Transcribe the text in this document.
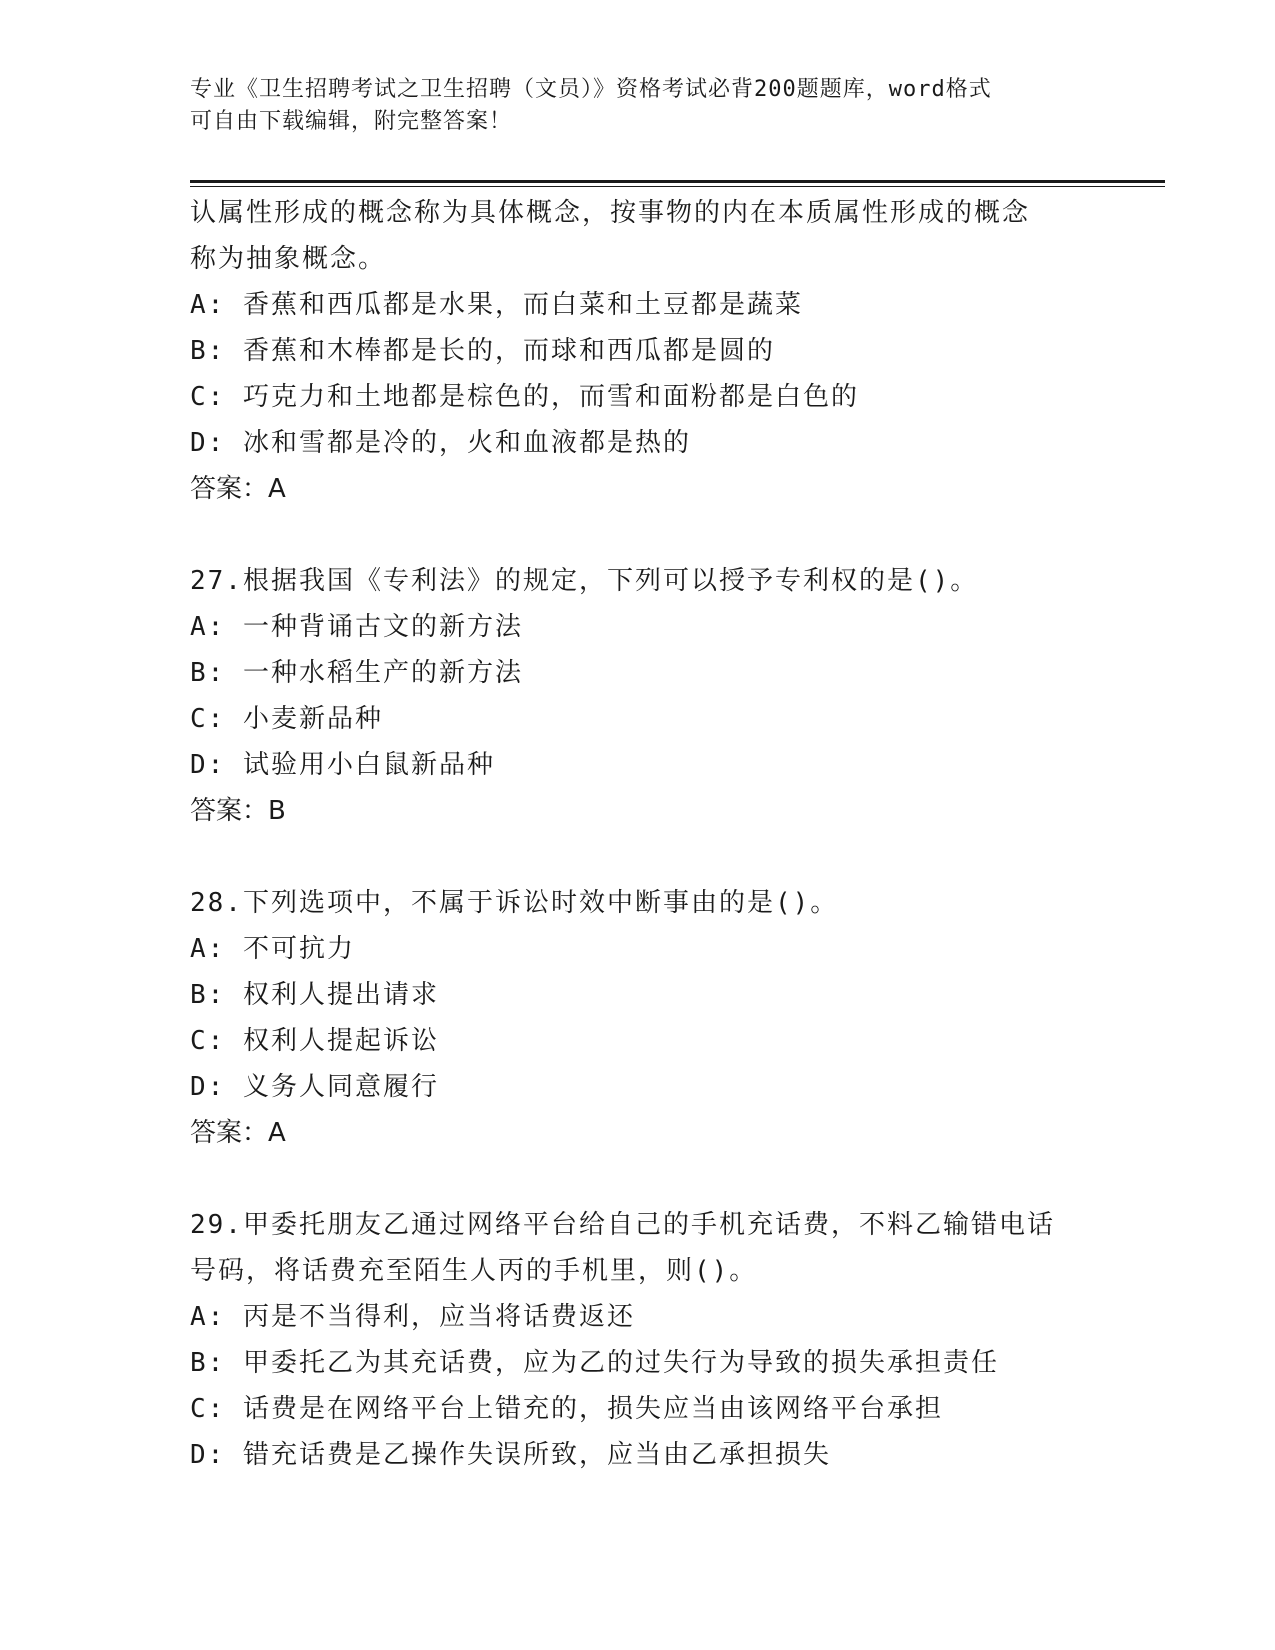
专业《卫生招聘考试之卫生招聘（文员）》资格考试必背200题题库，word格式
可自由下载编辑，附完整答案！
认属性形成的概念称为具体概念，按事物的内在本质属性形成的概念
称为抽象概念。
A: 香蕉和西瓜都是水果，而白菜和土豆都是蔬菜
B: 香蕉和木棒都是长的，而球和西瓜都是圆的
C: 巧克力和土地都是棕色的，而雪和面粉都是白色的
D: 冰和雪都是冷的，火和血液都是热的
答案：A
27.根据我国《专利法》的规定，下列可以授予专利权的是()。
A: 一种背诵古文的新方法
B: 一种水稻生产的新方法
C: 小麦新品种
D: 试验用小白鼠新品种
答案：B
28.下列选项中，不属于诉讼时效中断事由的是()。
A: 不可抗力
B: 权利人提出请求
C: 权利人提起诉讼
D: 义务人同意履行
答案：A
29.甲委托朋友乙通过网络平台给自己的手机充话费，不料乙输错电话
号码，将话费充至陌生人丙的手机里，则()。
A: 丙是不当得利，应当将话费返还
B: 甲委托乙为其充话费，应为乙的过失行为导致的损失承担责任
C: 话费是在网络平台上错充的，损失应当由该网络平台承担
D: 错充话费是乙操作失误所致，应当由乙承担损失
